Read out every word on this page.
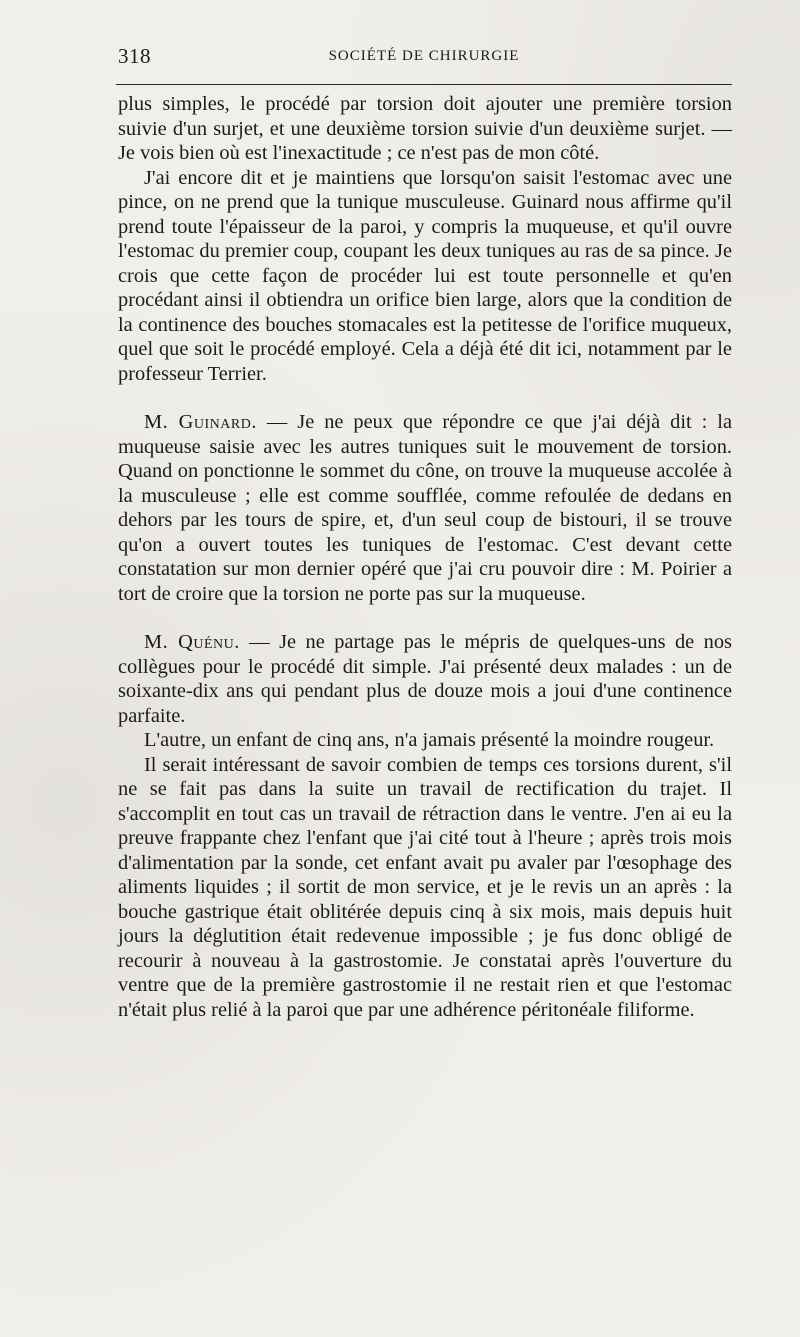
318	SOCIÉTÉ DE CHIRURGIE

plus simples, le procédé par torsion doit ajouter une première torsion suivie d'un surjet, et une deuxième torsion suivie d'un deuxième surjet. — Je vois bien où est l'inexactitude ; ce n'est pas de mon côté.

J'ai encore dit et je maintiens que lorsqu'on saisit l'estomac avec une pince, on ne prend que la tunique musculeuse. Guinard nous affirme qu'il prend toute l'épaisseur de la paroi, y compris la muqueuse, et qu'il ouvre l'estomac du premier coup, coupant les deux tuniques au ras de sa pince. Je crois que cette façon de procéder lui est toute personnelle et qu'en procédant ainsi il obtiendra un orifice bien large, alors que la condition de la continence des bouches stomacales est la petitesse de l'orifice muqueux, quel que soit le procédé employé. Cela a déjà été dit ici, notamment par le professeur Terrier.

M. Guinard. — Je ne peux que répondre ce que j'ai déjà dit : la muqueuse saisie avec les autres tuniques suit le mouvement de torsion. Quand on ponctionne le sommet du cône, on trouve la muqueuse accolée à la musculeuse ; elle est comme soufflée, comme refoulée de dedans en dehors par les tours de spire, et, d'un seul coup de bistouri, il se trouve qu'on a ouvert toutes les tuniques de l'estomac. C'est devant cette constatation sur mon dernier opéré que j'ai cru pouvoir dire : M. Poirier a tort de croire que la torsion ne porte pas sur la muqueuse.

M. Quénu. — Je ne partage pas le mépris de quelques-uns de nos collègues pour le procédé dit simple. J'ai présenté deux malades : un de soixante-dix ans qui pendant plus de douze mois a joui d'une continence parfaite.

L'autre, un enfant de cinq ans, n'a jamais présenté la moindre rougeur.

Il serait intéressant de savoir combien de temps ces torsions durent, s'il ne se fait pas dans la suite un travail de rectification du trajet. Il s'accomplit en tout cas un travail de rétraction dans le ventre. J'en ai eu la preuve frappante chez l'enfant que j'ai cité tout à l'heure ; après trois mois d'alimentation par la sonde, cet enfant avait pu avaler par l'œsophage des aliments liquides ; il sortit de mon service, et je le revis un an après : la bouche gastrique était oblitérée depuis cinq à six mois, mais depuis huit jours la déglutition était redevenue impossible ; je fus donc obligé de recourir à nouveau à la gastrostomie. Je constatai après l'ouverture du ventre que de la première gastrostomie il ne restait rien et que l'estomac n'était plus relié à la paroi que par une adhérence péritonéale filiforme.
